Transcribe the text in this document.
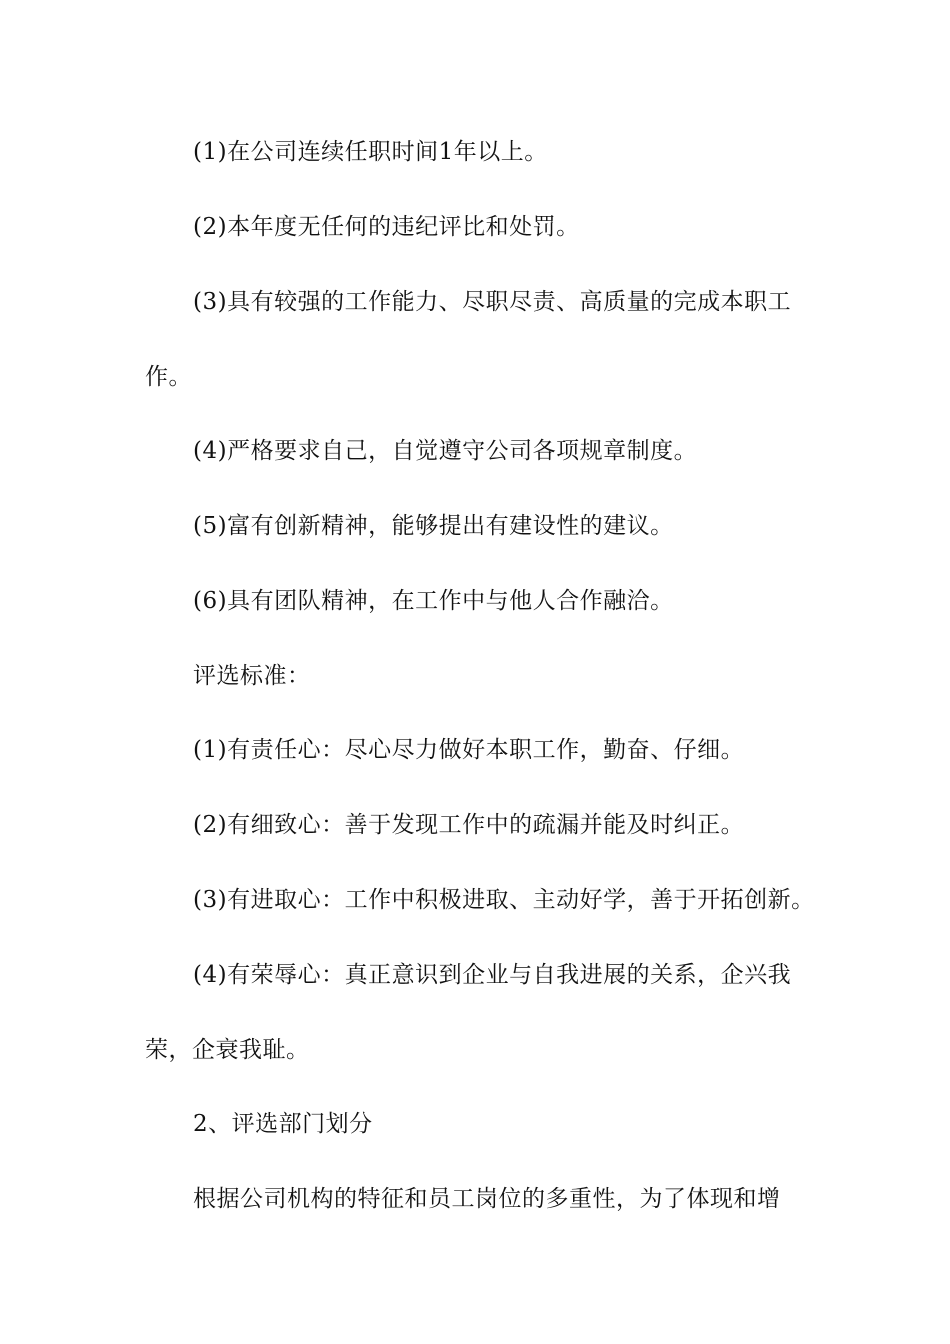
(1)在公司连续任职时间1年以上。
(2)本年度无任何的违纪评比和处罚。
(3)具有较强的工作能力、尽职尽责、高质量的完成本职工
作。
(4)严格要求自己，自觉遵守公司各项规章制度。
(5)富有创新精神，能够提出有建设性的建议。
(6)具有团队精神，在工作中与他人合作融洽。
评选标准：
(1)有责任心：尽心尽力做好本职工作，勤奋、仔细。
(2)有细致心：善于发现工作中的疏漏并能及时纠正。
(3)有进取心：工作中积极进取、主动好学，善于开拓创新。
(4)有荣辱心：真正意识到企业与自我进展的关系，企兴我
荣，企衰我耻。
2、评选部门划分
根据公司机构的特征和员工岗位的多重性，为了体现和增
